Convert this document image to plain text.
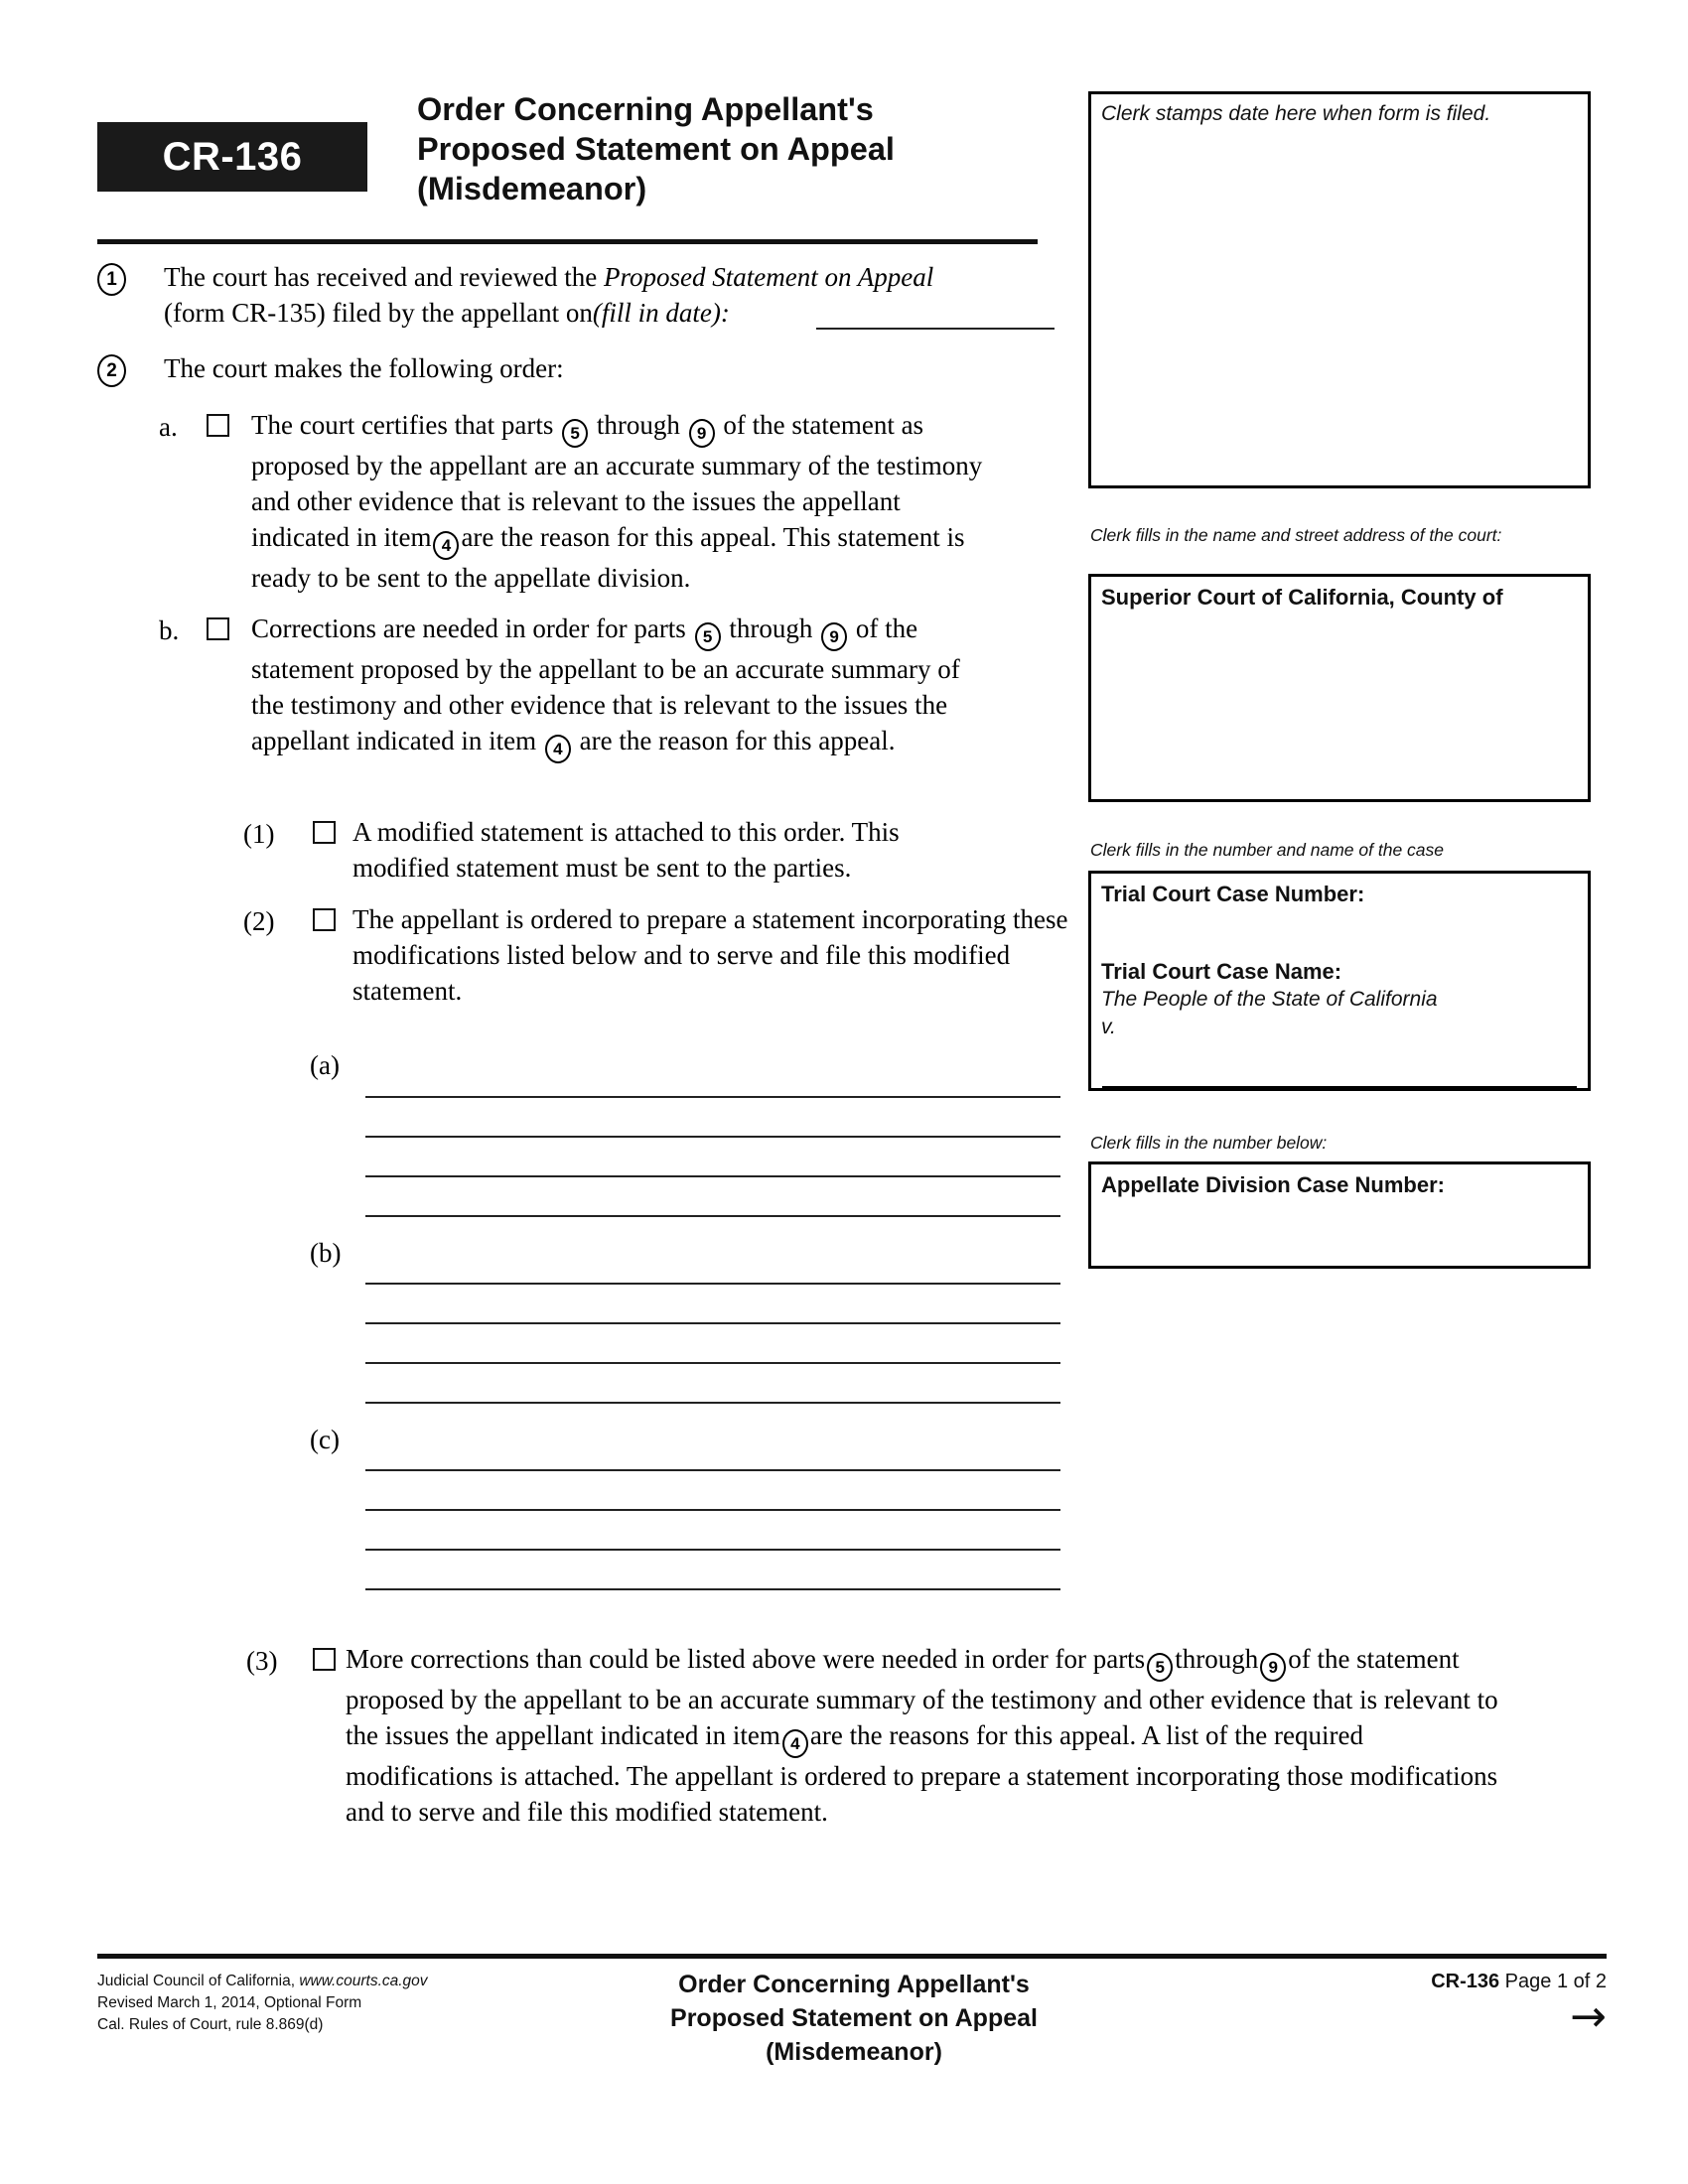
CR-136
Order Concerning Appellant's
Proposed Statement on Appeal
(Misdemeanor)
Clerk stamps date here when form is filed.
Clerk fills in the name and street address of the court:
Superior Court of California, County of
Clerk fills in the number and name of the case
Trial Court Case Number:
Trial Court Case Name:
The People of the State of California
v.
Clerk fills in the number below:
Appellate Division Case Number:
1	The court has received and reviewed the Proposed Statement on Appeal
(form CR-135) filed by the appellant on(fill in date):
2	The court makes the following order:
a.	The court certifies that parts 5 through 9 of the statement as proposed by the appellant are an accurate summary of the testimony and other evidence that is relevant to the issues the appellant indicated in item 4 are the reason for this appeal. This statement is ready to be sent to the appellate division.
b.	Corrections are needed in order for parts 5 through 9 of the statement proposed by the appellant to be an accurate summary of the testimony and other evidence that is relevant to the issues the appellant indicated in item 4 are the reason for this appeal.
(1)	A modified statement is attached to this order. This modified statement must be sent to the parties.
(2)	The appellant is ordered to prepare a statement incorporating these modifications listed below and to serve and file this modified statement.
(a)
(b)
(c)
(3)	More corrections than could be listed above were needed in order for parts 5 through 9 of the statement proposed by the appellant to be an accurate summary of the testimony and other evidence that is relevant to the issues the appellant indicated in item 4 are the reasons for this appeal. A list of the required modifications is attached. The appellant is ordered to prepare a statement incorporating those modifications and to serve and file this modified statement.
Judicial Council of California, www.courts.ca.gov
Revised March 1, 2014, Optional Form
Cal. Rules of Court, rule 8.869(d)
Order Concerning Appellant's
Proposed Statement on Appeal
(Misdemeanor)
CR-136 Page 1 of 2
→
